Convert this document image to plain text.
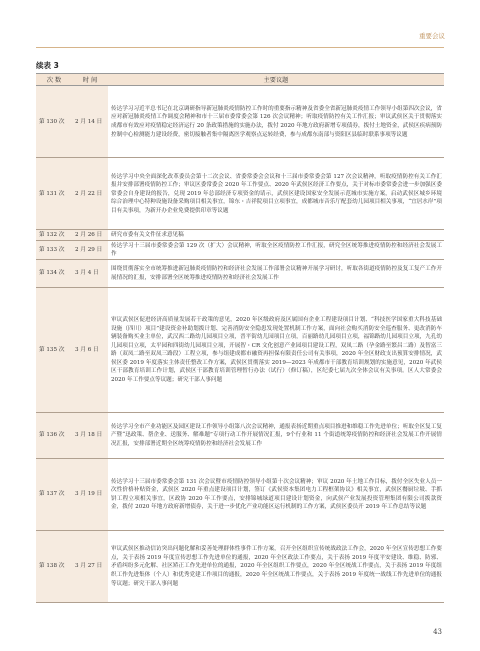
重要会议
续表 3
次 数	时 间	主要议题
第 130 次	2 月 14 日	传达学习习近平总书记在北京调研指导新冠肺炎疫情防控工作时的重要指示精神及省委全省新冠肺炎疫情工作领导小组第四次会议，省应对新冠肺炎疫情工作调度会精神和市十三届市委常委会第 126 次会议精神；听取疫情防控有关工作汇报；审议武侯区关于贯彻落实成都市有效应对疫情稳定经济运行 20 条政策措施的实施办法，拨付 2020 年地方政府新增专项债券，拨付土地资金，武侯区疾病预防控制中心检测能力建设经费，密切接触者集中隔离医学观察点运转经费，参与成都东南部与资阳区县临时联系事项等议题
第 131 次	2 月 22 日	传达学习中央全面深化改革委员会第十二次会议、省委常委会会议和十三届市委常委会第 127 次会议精神，听取疫情防控有关工作汇报并安排部署疫情防控工作；审议区委常委会 2020 年工作要点、2020 年武侯区经济工作要点，关于对标市委常委会进一步加强区委常委会自身建设的报告，兑现 2019 年总部经济专项资金的请示，武侯区建设国家安全发展示范城市实施方案，启动武侯区城乡环境综合治理中心特种设施设备采购项目相关事宜，锦东・吉祥院项目立项事宜，成都城市音乐厅配套幼儿园项目相关事项，“宜居水岸”项目有关事项，为新开办企业免费提供印章等议题
第 132 次	2 月 26 日	研究市委有关文件征求意见稿
第 133 次	2 月 29 日	传达学习十三届市委常委会第 129 次（扩大）会议精神，听取全区疫情防控工作汇报，研究全区统筹推进疫情防控和经济社会发展工作
第 134 次	3 月 4 日	围绕贯彻落实全市统筹推进新冠肺炎疫情防控和经济社会发展工作部署会议精神开展学习研讨，听取各街道疫情防控及复工复产工作开展情况的汇报，安排部署全区统筹推进疫情防控和经济社会发展工作
第 135 次	3 月 6 日	审议武侯区促进经济高质量发展若干政策的意见，2020 年区级政府及区属国有企业工程建设项目计划、“科技医学国家重大科技基础设施（四川）项目”建设资金补助划拨计划、完善消防安全隐患发现处置机制工作方案，面向社会购买消防安全巡查服务、更改消防车辆装备购买业主单位，武汉西二路幼儿园项目立项，晋平街幼儿园项目立项，百丽路幼儿园项目立项，福锦路幼儿园项目立项，九孔幼儿园项目立项，太平园和四街幼儿园项目立项，开展智・CR 文化创意产业园项目建设工程，双凤二路（孕金路至繁昌二路）及智富三路（双凤二路至双凤三路段）工程立项，参与组建成都市融资再担保有限责任公司有关事项，2020 年全区财政支出预算安排情况，武侯区委 2019 年度落实主体责任整改工作方案，武侯区贯彻落实 2019—2023 年成都市干部教育培训规划的实施意见，2020 年武侯区干部教育培训工作计划，武侯区干部教育培训管理暂行办法（试行）（修订稿），区纪委七届九次全体会议有关事项。区人大常委会 2020 年工作要点等议题；研究干部人事问题
第 136 次	3 月 18 日	传达学习全市产业功能区及园区建设工作领导小组第八次会议精神，通报表扬近期重点项目推进和维稳工作先进单位；听取全区复工复产暨“迅政策、帮企业、送服务、解难题”专项行动工作开展情况汇报，9个行业和 11 个街道统筹疫情防控和经济社会发展工作开展情况汇报，安排部署近期全区统筹疫情防控和经济社会发展工作
第 137 次	3 月 19 日	传达学习十三届市委常委会第 131 次会议暨市疫情防控领导小组第十次会议精神；审议 2020 年土地工作目标，拨付全区失业人员一次性价格补贴资金，武侯区 2020 年重点建设项目计划，签订《武侯资本集团电力工程框架协议》相关事宜，武侯区餐厨垃圾、手抓饼工程立项相关事宜，区政协 2020 年工作要点，安排锦城绿道项目建设计划资金，向武侯产业发展投资管理集团有限公司拨款资金，拨付 2020 年地方政府新增债券，关于进一步优化产业功能区运行机制的工作方案，武侯区委员开 2019 年工作总结等议题
第 138 次	3 月 27 日	审议武侯区推动信访突出问题化解和妥善处理群体性事件工作方案，召开全区组织宣传统战政法工作会，2020 年全区宣传思想工作要点，关于表扬 2019 年度宣传思想工作先进单位的通报，2020 年全区政法工作要点，关于表扬 2019 年度平安建设、维稳、防邪、矛盾纠纷多元化解、社区矫正工作先进单位的通报，2020 年全区组织工作要点，2020 年全区统战工作要点，关于表扬 2019 年度组织工作先进集体（个人）和优秀党建工作项目的通报，2020 年全区统战工作要点，关于表扬 2019 年度统一战线工作先进单位的通报等议题；研究干部人事问题
43
